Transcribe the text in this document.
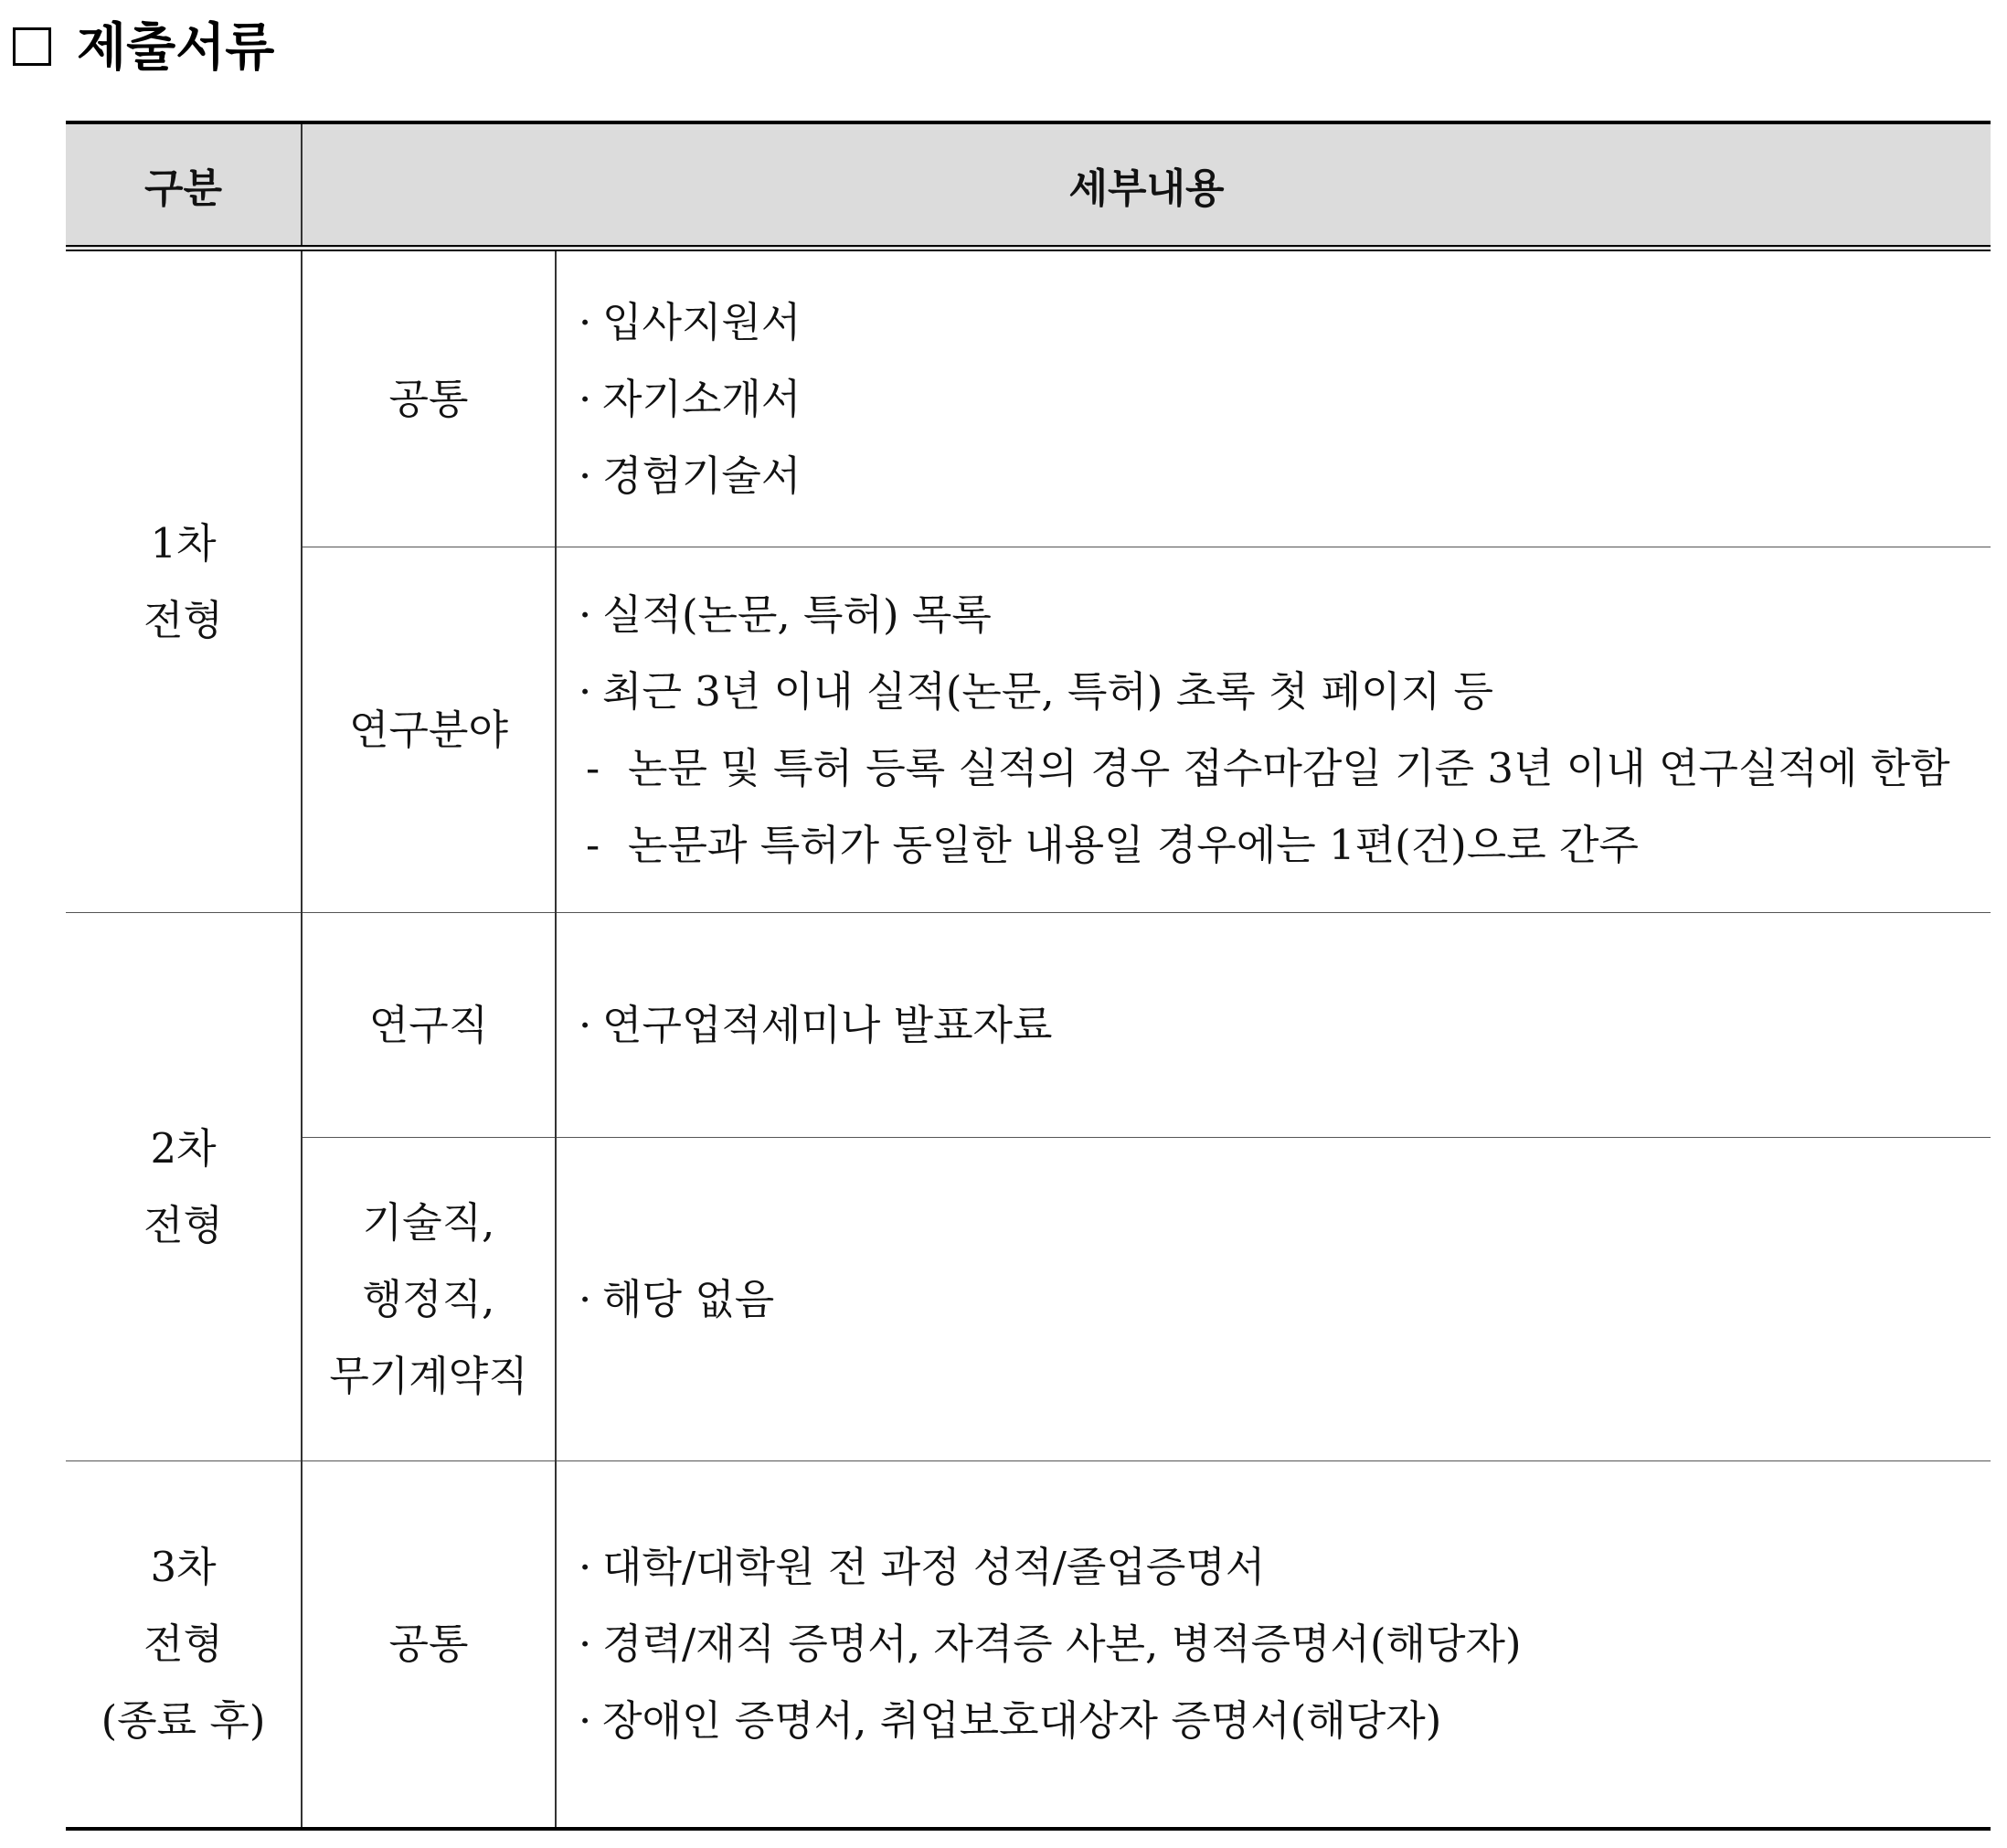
제출서류
구분	세부내용	

1차
전형	공통	· 입사지원서
· 자기소개서
· 경험기술서

	연구분야	· 실적(논문, 특허) 목록
· 최근 3년 이내 실적(논문, 특허) 초록 첫 페이지 등
- 논문 및 특허 등록 실적의 경우 접수마감일 기준 3년 이내 연구실적에 한함
- 논문과 특허가 동일한 내용일 경우에는 1편(건)으로 간주

2차
전형	연구직	· 연구업적세미나 발표자료

	기술직,
행정직,
무기계약직	· 해당 없음

3차
전형
(종료 후)	공통	· 대학/대학원 전 과정 성적/졸업증명서
· 경력/재직 증명서, 자격증 사본, 병적증명서(해당자)
· 장애인 증명서, 취업보호대상자 증명서(해당자)
